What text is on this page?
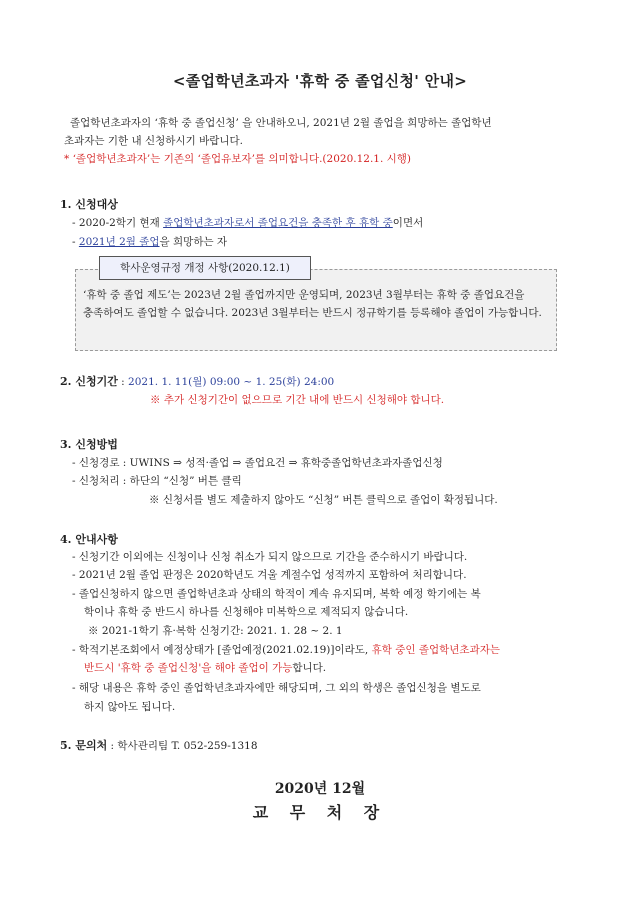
<졸업학년초과자 '휴학 중 졸업신청' 안내>
졸업학년초과자의 ‘휴학 중 졸업신청’ 을 안내하오니, 2021년 2월 졸업을 희망하는 졸업학년
초과자는 기한 내 신청하시기 바랍니다.
* ‘졸업학년초과자’는 기존의 ‘졸업유보자’를 의미합니다.(2020.12.1. 시행)
1. 신청대상
- 2020-2학기 현재 졸업학년초과자로서 졸업요건을 충족한 후 휴학 중이면서
- 2021년 2월 졸업을 희망하는 자
학사운영규정 개정 사항(2020.12.1)
‘휴학 중 졸업 제도’는 2023년 2월 졸업까지만 운영되며, 2023년 3월부터는 휴학 중 졸업요건을 충족하여도 졸업할 수 없습니다. 2023년 3월부터는 반드시 정규학기를 등록해야 졸업이 가능합니다.
2. 신청기간 : 2021. 1. 11(월) 09:00 ~ 1. 25(화) 24:00
※ 추가 신청기간이 없으므로 기간 내에 반드시 신청해야 합니다.
3. 신청방법
- 신청경로 : UWINS ⇒ 성적·졸업 ⇒ 졸업요건 ⇒ 휴학중졸업학년초과자졸업신청
- 신청처리 : 하단의 “신청” 버튼 클릭
※ 신청서를 별도 제출하지 않아도 “신청” 버튼 클릭으로 졸업이 확정됩니다.
4. 안내사항
- 신청기간 이외에는 신청이나 신청 취소가 되지 않으므로 기간을 준수하시기 바랍니다.
- 2021년 2월 졸업 판정은 2020학년도 겨울 계절수업 성적까지 포함하여 처리합니다.
- 졸업신청하지 않으면 졸업학년초과 상태의 학적이 계속 유지되며, 복학 예정 학기에는 복
학이나 휴학 중 반드시 하나를 신청해야 미복학으로 제적되지 않습니다.
※ 2021-1학기 휴·복학 신청기간: 2021. 1. 28 ~ 2. 1
- 학적기본조회에서 예정상태가 [졸업예정(2021.02.19)]이라도, 휴학 중인 졸업학년초과자는
반드시 '휴학 중 졸업신청'을 해야 졸업이 가능합니다.
- 해당 내용은 휴학 중인 졸업학년초과자에만 해당되며, 그 외의 학생은 졸업신청을 별도로
하지 않아도 됩니다.
5. 문의처 : 학사관리팀 T. 052-259-1318
2020년 12월
교 무 처 장
